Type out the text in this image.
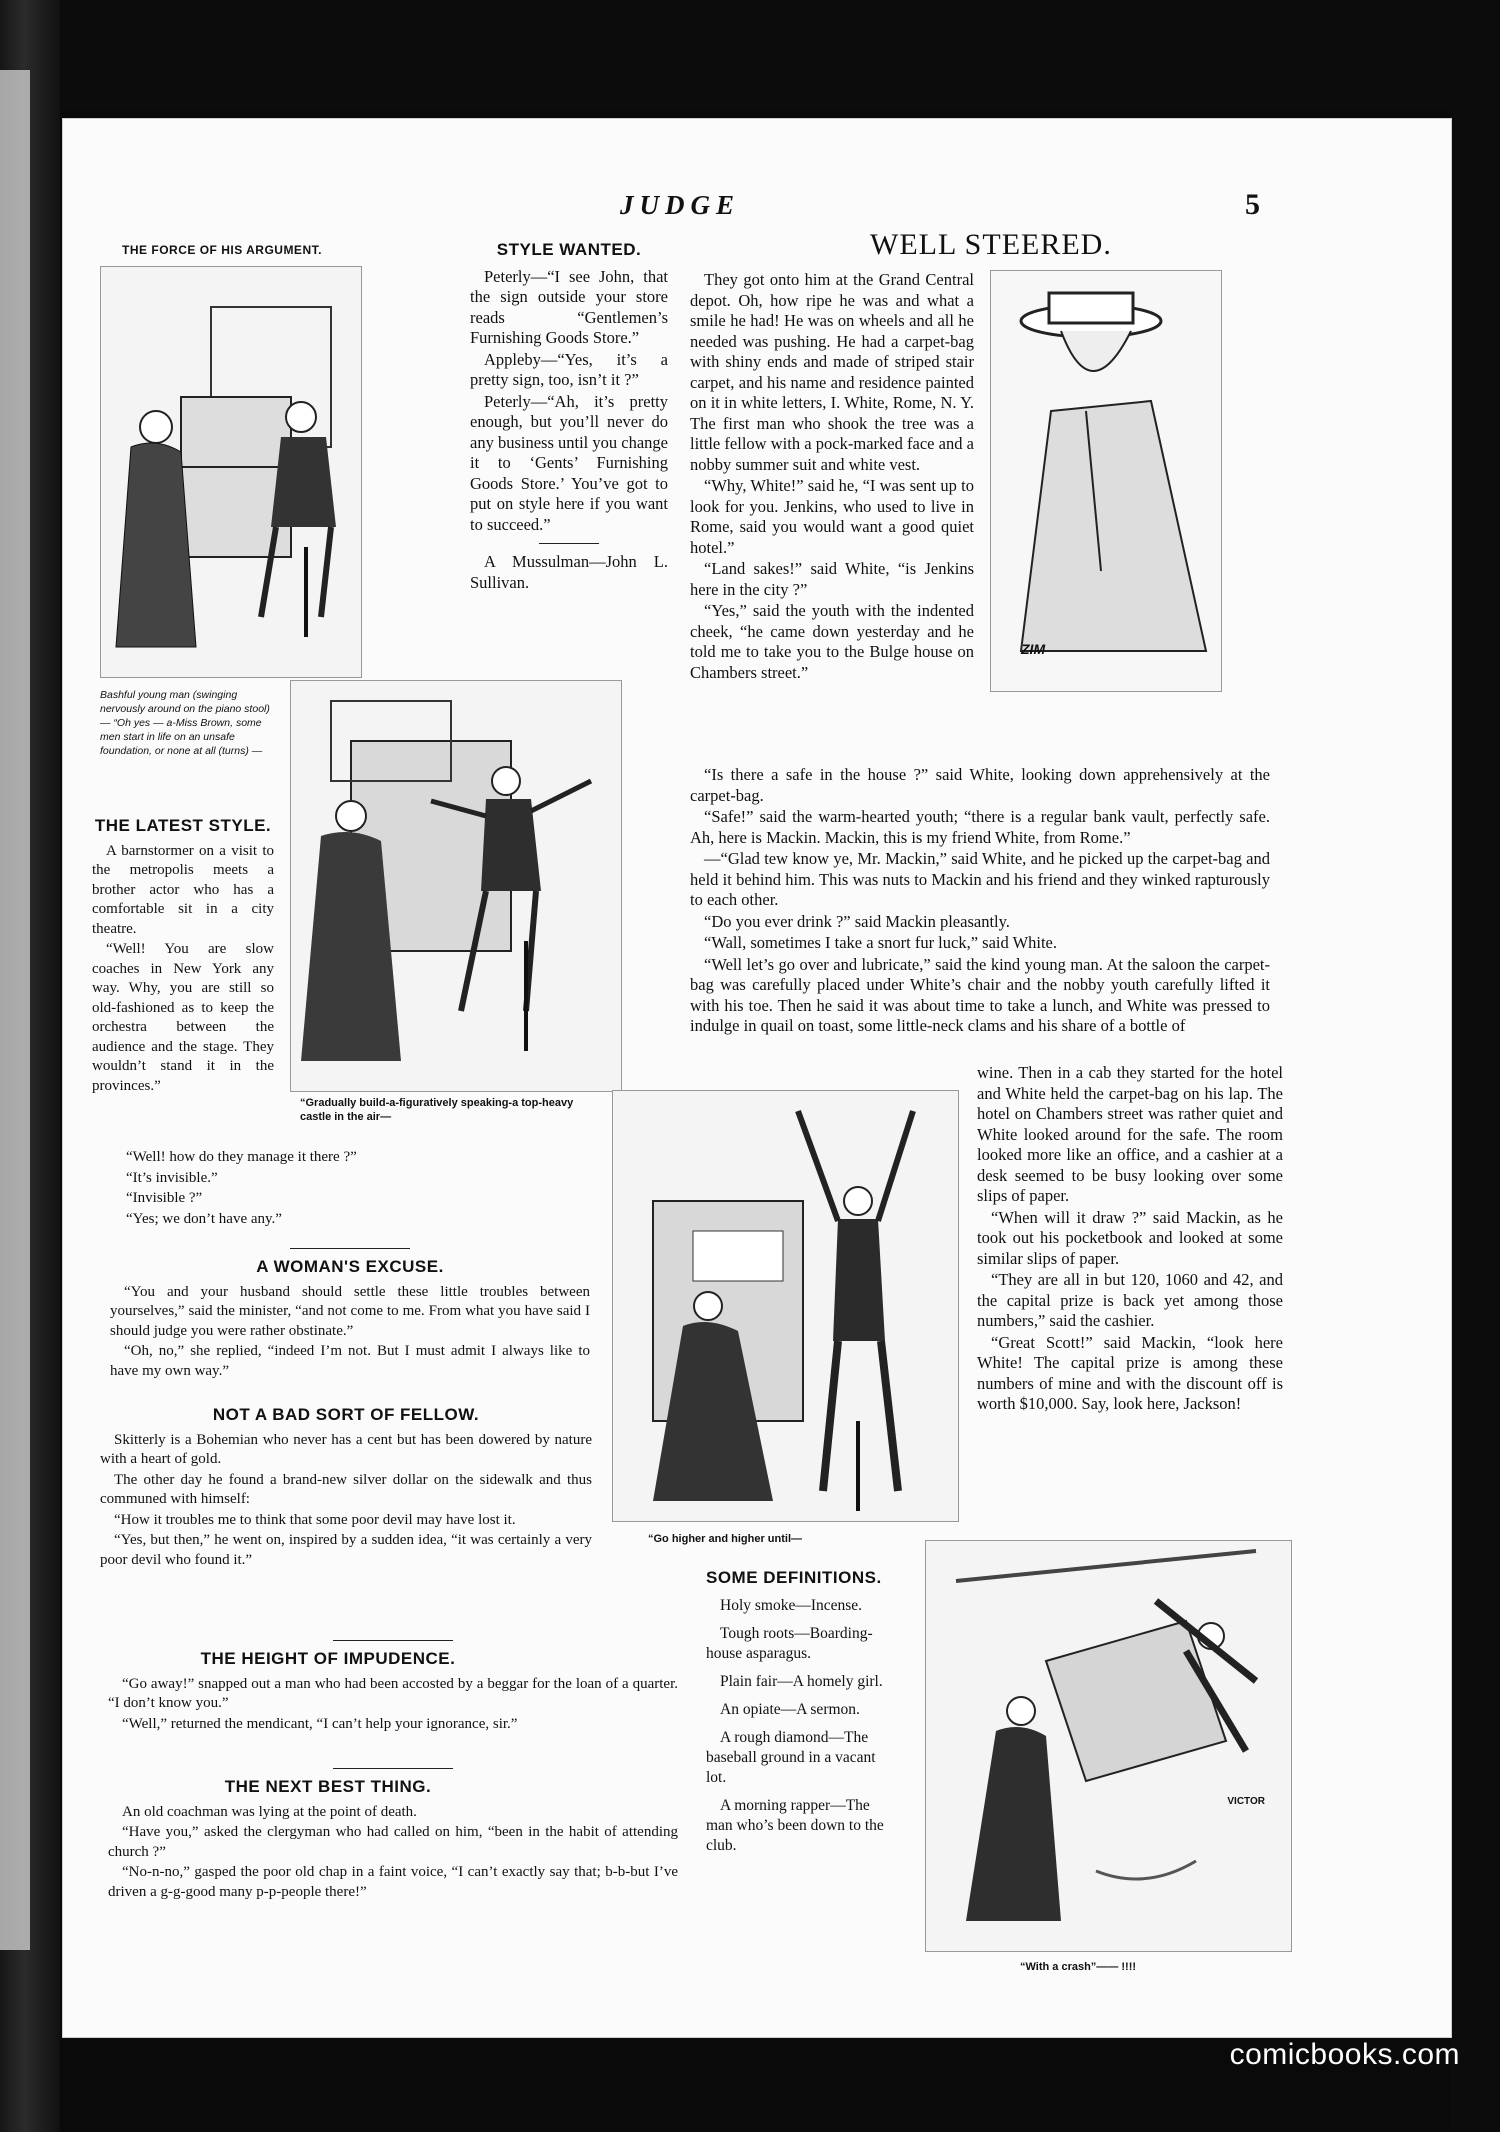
JUDGE	5
THE FORCE OF HIS ARGUMENT.
Bashful young man (swinging nervously around on the piano stool) — “Oh yes — a-Miss Brown, some men start in life on an unsafe foundation, or none at all (turns) —
“Gradually build-a-figuratively speaking-a top-heavy castle in the air—
STYLE WANTED.

Peterly—“I see John, that the sign outside your store reads “Gentlemen’s Furnishing Goods Store.”

Appleby—“Yes, it’s a pretty sign, too, isn’t it ?”

Peterly—“Ah, it’s pretty enough, but you’ll never do any business until you change it to ‘Gents’ Furnishing Goods Store.’ You’ve got to put on style here if you want to succeed.”

A Mussulman—John L. Sullivan.

WELL STEERED.

They got onto him at the Grand Central depot. Oh, how ripe he was and what a smile he had! He was on wheels and all he needed was pushing. He had a carpet-bag with shiny ends and made of striped stair carpet, and his name and residence painted on it in white letters, I. White, Rome, N. Y. The first man who shook the tree was a little fellow with a pock-marked face and a nobby summer suit and white vest.

“Why, White!” said he, “I was sent up to look for you. Jenkins, who used to live in Rome, said you would want a good quiet hotel.”

“Land sakes!” said White, “is Jenkins here in the city ?”

“Yes,” said the youth with the indented cheek, “he came down yesterday and he told me to take you to the Bulge house on Chambers street.”

ZIM

“Is there a safe in the house ?” said White, looking down apprehensively at the carpet-bag.

“Safe!” said the warm-hearted youth; “there is a regular bank vault, perfectly safe. Ah, here is Mackin. Mackin, this is my friend White, from Rome.”

—“Glad tew know ye, Mr. Mackin,” said White, and he picked up the carpet-bag and held it behind him. This was nuts to Mackin and his friend and they winked rapturously to each other.

“Do you ever drink ?” said Mackin pleasantly.

“Wall, sometimes I take a snort fur luck,” said White.

“Well let’s go over and lubricate,” said the kind young man. At the saloon the carpet-bag was carefully placed under White’s chair and the nobby youth carefully lifted it with his toe. Then he said it was about time to take a lunch, and White was pressed to indulge in quail on toast, some little-neck clams and his share of a bottle of

wine. Then in a cab they started for the hotel and White held the carpet-bag on his lap. The hotel on Chambers street was rather quiet and White looked around for the safe. The room looked more like an office, and a cashier at a desk seemed to be busy looking over some slips of paper.

“When will it draw ?” said Mackin, as he took out his pocketbook and looked at some similar slips of paper.

“They are all in but 120, 1060 and 42, and the capital prize is back yet among those numbers,” said the cashier.

“Great Scott!” said Mackin, “look here White! The capital prize is among these numbers of mine and with the discount off is worth $10,000. Say, look here, Jackson!

“Go higher and higher until—
THE LATEST STYLE.

A barnstormer on a visit to the metropolis meets a brother actor who has a comfortable sit in a city theatre.

“Well! You are slow coaches in New York any way. Why, you are still so old-fashioned as to keep the orchestra between the audience and the stage. They wouldn’t stand it in the provinces.”

“Well! how do they manage it there ?”

“It’s invisible.”

“Invisible ?”

“Yes; we don’t have any.”

A WOMAN'S EXCUSE.

“You and your husband should settle these little troubles between yourselves,” said the minister, “and not come to me. From what you have said I should judge you were rather obstinate.”

“Oh, no,” she replied, “indeed I’m not. But I must admit I always like to have my own way.”

NOT A BAD SORT OF FELLOW.

Skitterly is a Bohemian who never has a cent but has been dowered by nature with a heart of gold.

The other day he found a brand-new silver dollar on the sidewalk and thus communed with himself:

“How it troubles me to think that some poor devil may have lost it.

“Yes, but then,” he went on, inspired by a sudden idea, “it was certainly a very poor devil who found it.”

THE HEIGHT OF IMPUDENCE.

“Go away!” snapped out a man who had been accosted by a beggar for the loan of a quarter. “I don’t know you.”

“Well,” returned the mendicant, “I can’t help your ignorance, sir.”

THE NEXT BEST THING.

An old coachman was lying at the point of death.

“Have you,” asked the clergyman who had called on him, “been in the habit of attending church ?”

“No-n-no,” gasped the poor old chap in a faint voice, “I can’t exactly say that; b-b-but I’ve driven a g-g-good many p-p-people there!”

SOME DEFINITIONS.

Holy smoke—Incense.

Tough roots—Boarding-house asparagus.

Plain fair—A homely girl.

An opiate—A sermon.

A rough diamond—The baseball ground in a vacant lot.

A morning rapper—The man who’s been down to the club.

VICTOR
“With a crash”—— !!!!
comicbooks.com
